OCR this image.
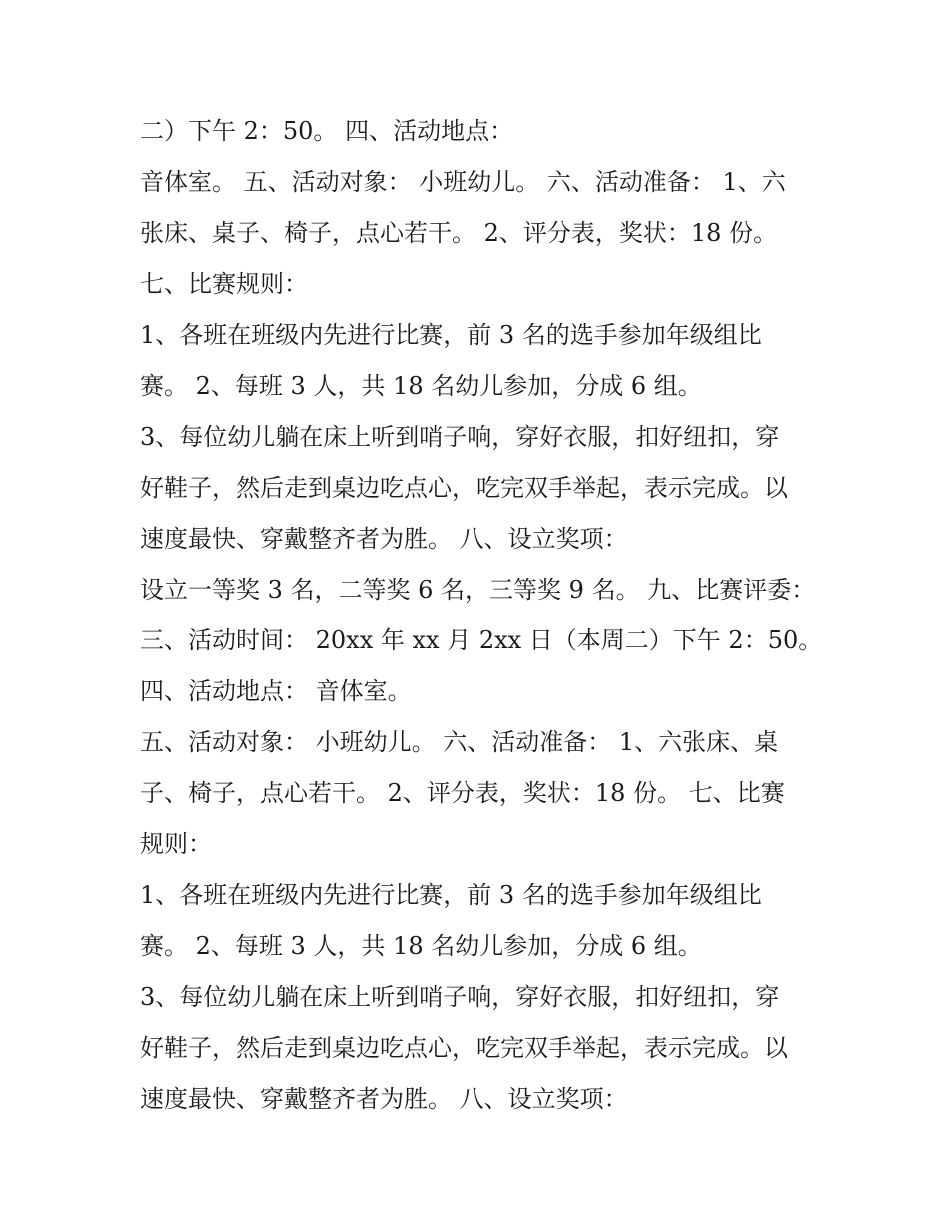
二）下午 2：50。 四、活动地点：
音体室。 五、活动对象： 小班幼儿。 六、活动准备： 1、六
张床、桌子、椅子，点心若干。 2、评分表，奖状：18 份。
七、比赛规则：
1、各班在班级内先进行比赛，前 3 名的选手参加年级组比
赛。 2、每班 3 人，共 18 名幼儿参加，分成 6 组。
3、每位幼儿躺在床上听到哨子响，穿好衣服，扣好纽扣，穿
好鞋子，然后走到桌边吃点心，吃完双手举起，表示完成。以
速度最快、穿戴整齐者为胜。 八、设立奖项：
设立一等奖 3 名，二等奖 6 名，三等奖 9 名。 九、比赛评委：
三、活动时间： 20xx 年 xx 月 2xx 日（本周二）下午 2：50。
四、活动地点： 音体室。
五、活动对象： 小班幼儿。 六、活动准备： 1、六张床、桌
子、椅子，点心若干。 2、评分表，奖状：18 份。 七、比赛
规则：
1、各班在班级内先进行比赛，前 3 名的选手参加年级组比
赛。 2、每班 3 人，共 18 名幼儿参加，分成 6 组。
3、每位幼儿躺在床上听到哨子响，穿好衣服，扣好纽扣，穿
好鞋子，然后走到桌边吃点心，吃完双手举起，表示完成。以
速度最快、穿戴整齐者为胜。 八、设立奖项：
